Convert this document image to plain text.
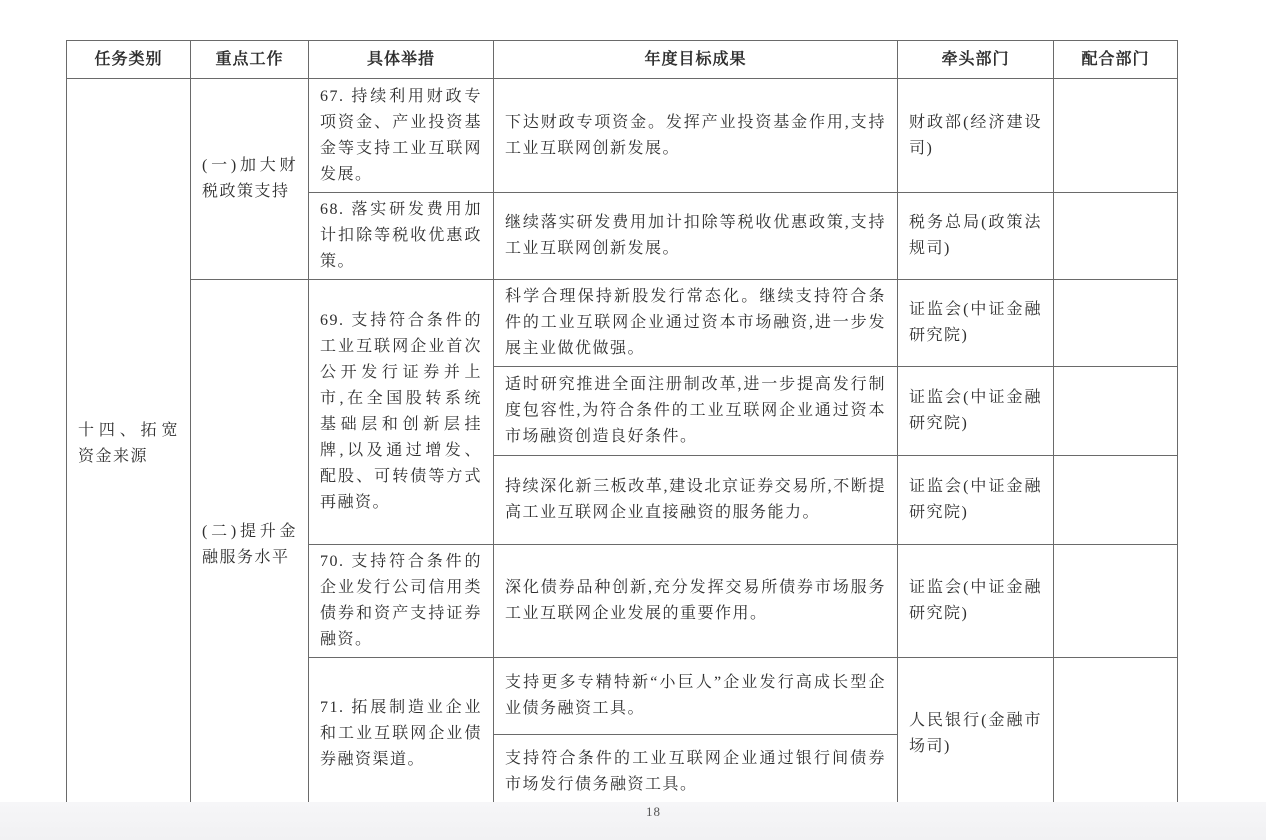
任务类别	重点工作	具体举措	年度目标成果	牵头部门	配合部门
十四、拓宽资金来源	(一)加大财税政策支持	67. 持续利用财政专项资金、产业投资基金等支持工业互联网发展。	下达财政专项资金。发挥产业投资基金作用,支持工业互联网创新发展。	财政部(经济建设司)	
		68. 落实研发费用加计扣除等税收优惠政策。	继续落实研发费用加计扣除等税收优惠政策,支持工业互联网创新发展。	税务总局(政策法规司)	
	(二)提升金融服务水平	69. 支持符合条件的工业互联网企业首次公开发行证券并上市,在全国股转系统基础层和创新层挂牌,以及通过增发、配股、可转债等方式再融资。	科学合理保持新股发行常态化。继续支持符合条件的工业互联网企业通过资本市场融资,进一步发展主业做优做强。	证监会(中证金融研究院)	
			适时研究推进全面注册制改革,进一步提高发行制度包容性,为符合条件的工业互联网企业通过资本市场融资创造良好条件。	证监会(中证金融研究院)	
			持续深化新三板改革,建设北京证券交易所,不断提高工业互联网企业直接融资的服务能力。	证监会(中证金融研究院)	
		70. 支持符合条件的企业发行公司信用类债券和资产支持证券融资。	深化债券品种创新,充分发挥交易所债券市场服务工业互联网企业发展的重要作用。	证监会(中证金融研究院)	
		71. 拓展制造业企业和工业互联网企业债券融资渠道。	支持更多专精特新“小巨人”企业发行高成长型企业债务融资工具。	人民银行(金融市场司)	
			支持符合条件的工业互联网企业通过银行间债券市场发行债务融资工具。		
18
